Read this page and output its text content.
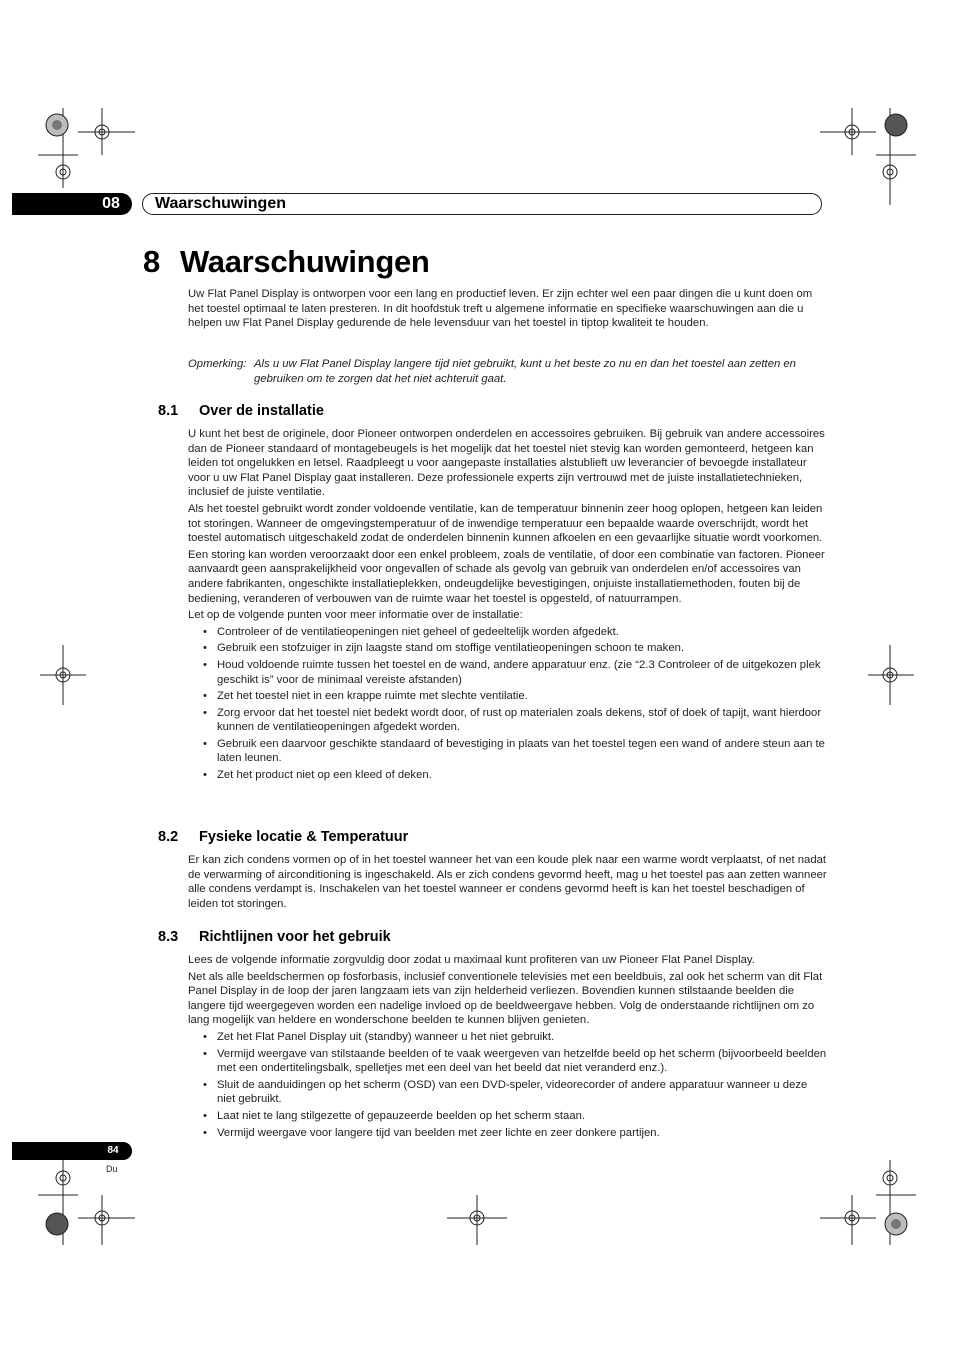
08	Waarschuwingen
8 Waarschuwingen
Uw Flat Panel Display is ontworpen voor een lang en productief leven. Er zijn echter wel een paar dingen die u kunt doen om het toestel optimaal te laten presteren. In dit hoofdstuk treft u algemene informatie en specifieke waarschuwingen aan die u helpen uw Flat Panel Display gedurende de hele levensduur van het toestel in tiptop kwaliteit te houden.
Opmerking: Als u uw Flat Panel Display langere tijd niet gebruikt, kunt u het beste zo nu en dan het toestel aan zetten en gebruiken om te zorgen dat het niet achteruit gaat.
8.1 Over de installatie

U kunt het best de originele, door Pioneer ontworpen onderdelen en accessoires gebruiken. Bij gebruik van andere accessoires dan de Pioneer standaard of montagebeugels is het mogelijk dat het toestel niet stevig kan worden gemonteerd, hetgeen kan leiden tot ongelukken en letsel. Raadpleegt u voor aangepaste installaties alstublieft uw leverancier of bevoegde installateur voor u uw Flat Panel Display gaat installeren. Deze professionele experts zijn vertrouwd met de juiste installatietechnieken, inclusief de juiste ventilatie.

Als het toestel gebruikt wordt zonder voldoende ventilatie, kan de temperatuur binnenin zeer hoog oplopen, hetgeen kan leiden tot storingen. Wanneer de omgevingstemperatuur of de inwendige temperatuur een bepaalde waarde overschrijdt, wordt het toestel automatisch uitgeschakeld zodat de onderdelen binnenin kunnen afkoelen en een gevaarlijke situatie wordt voorkomen.

Een storing kan worden veroorzaakt door een enkel probleem, zoals de ventilatie, of door een combinatie van factoren. Pioneer aanvaardt geen aansprakelijkheid voor ongevallen of schade als gevolg van gebruik van onderdelen en/of accessoires van andere fabrikanten, ongeschikte installatieplekken, ondeugdelijke bevestigingen, onjuiste installatiemethoden, fouten bij de bediening, veranderen of verbouwen van de ruimte waar het toestel is opgesteld, of natuurrampen.

Let op de volgende punten voor meer informatie over de installatie:

• Controleer of de ventilatieopeningen niet geheel of gedeeltelijk worden afgedekt.
• Gebruik een stofzuiger in zijn laagste stand om stoffige ventilatieopeningen schoon te maken.
• Houd voldoende ruimte tussen het toestel en de wand, andere apparatuur enz. (zie “2.3 Controleer of de uitgekozen plek geschikt is” voor de minimaal vereiste afstanden)
• Zet het toestel niet in een krappe ruimte met slechte ventilatie.
• Zorg ervoor dat het toestel niet bedekt wordt door, of rust op materialen zoals dekens, stof of doek of tapijt, want hierdoor kunnen de ventilatieopeningen afgedekt worden.
• Gebruik een daarvoor geschikte standaard of bevestiging in plaats van het toestel tegen een wand of andere steun aan te laten leunen.
• Zet het product niet op een kleed of deken.
8.2 Fysieke locatie & Temperatuur

Er kan zich condens vormen op of in het toestel wanneer het van een koude plek naar een warme wordt verplaatst, of net nadat de verwarming of airconditioning is ingeschakeld. Als er zich condens gevormd heeft, mag u het toestel pas aan zetten wanneer alle condens verdampt is. Inschakelen van het toestel wanneer er condens gevormd heeft is kan het toestel beschadigen of leiden tot storingen.

8.3 Richtlijnen voor het gebruik

Lees de volgende informatie zorgvuldig door zodat u maximaal kunt profiteren van uw Pioneer Flat Panel Display.

Net als alle beeldschermen op fosforbasis, inclusief conventionele televisies met een beeldbuis, zal ook het scherm van dit Flat Panel Display in de loop der jaren langzaam iets van zijn helderheid verliezen. Bovendien kunnen stilstaande beelden die langere tijd weergegeven worden een nadelige invloed op de beeldweergave hebben. Volg de onderstaande richtlijnen om zo lang mogelijk van heldere en wonderschone beelden te kunnen blijven genieten.

• Zet het Flat Panel Display uit (standby) wanneer u het niet gebruikt.
• Vermijd weergave van stilstaande beelden of te vaak weergeven van hetzelfde beeld op het scherm (bijvoorbeeld beelden met een ondertitelingsbalk, spelletjes met een deel van het beeld dat niet veranderd enz.).
• Sluit de aanduidingen op het scherm (OSD) van een DVD-speler, videorecorder of andere apparatuur wanneer u deze niet gebruikt.
• Laat niet te lang stilgezette of gepauzeerde beelden op het scherm staan.
• Vermijd weergave voor langere tijd van beelden met zeer lichte en zeer donkere partijen.
84
Du
